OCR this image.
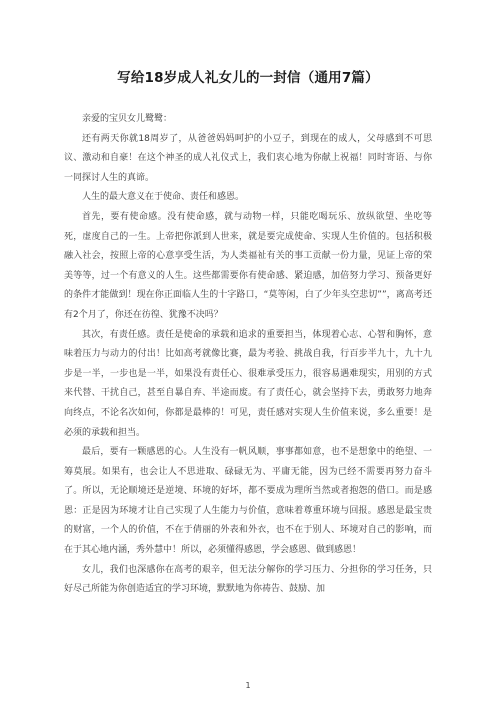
写给18岁成人礼女儿的一封信（通用7篇）

亲爱的宝贝女儿鹭鹭：

还有两天你就18周岁了，从爸爸妈妈呵护的小豆子，到现在的成人，父母感到不可思议、激动和自豪！在这个神圣的成人礼仪式上，我们衷心地为你献上祝福！同时寄语、与你一同探讨人生的真谛。

人生的最大意义在于使命、责任和感恩。

首先，要有使命感。没有使命感，就与动物一样，只能吃喝玩乐、放纵欲望、坐吃等死，虚度自己的一生。上帝把你派到人世来，就是要完成使命、实现人生价值的。包括积极融入社会，按照上帝的心意享受生活，为人类福祉有关的事工贡献一份力量，见证上帝的荣美等等，过一个有意义的人生。这些都需要你有使命感、紧迫感，加倍努力学习、预备更好的条件才能做到！现在你正面临人生的十字路口，“莫等闲，白了少年头空悲切””，离高考还有2个月了，你还在彷徨、犹豫不决吗？

其次，有责任感。责任是使命的承载和追求的重要担当，体现着心志、心智和胸怀，意味着压力与动力的付出！比如高考就像比赛，最为考验、挑战自我，行百步半九十，九十九步是一半，一步也是一半，如果没有责任心、很难承受压力，很容易遇难现实，用别的方式来代替、干扰自己，甚至自暴自弃、半途而废。有了责任心，就会坚持下去，勇敢努力地奔向终点，不论名次如何，你都是最棒的！可见，责任感对实现人生价值来说，多么重要！是必须的承载和担当。

最后，要有一颗感恩的心。人生没有一帆风顺，事事都如意，也不是想象中的绝望、一筹莫展。如果有，也会让人不思进取、碌碌无为、平庸无能，因为已经不需要再努力奋斗了。所以，无论顺境还是逆境、环境的好坏，都不要成为理所当然或者抱怨的借口。而是感恩：正是因为环境才让自己实现了人生能力与价值，意味着尊重环境与回报。感恩是最宝贵的财富，一个人的价值，不在于倩丽的外表和外衣，也不在于别人、环境对自己的影响，而在于其心地内涵，秀外慧中！所以，必须懂得感恩，学会感恩、做到感恩！

女儿，我们也深感你在高考的艰辛，但无法分解你的学习压力、分担你的学习任务，只好尽己所能为你创造适宜的学习环境，默默地为你祷告、鼓励、加

1
